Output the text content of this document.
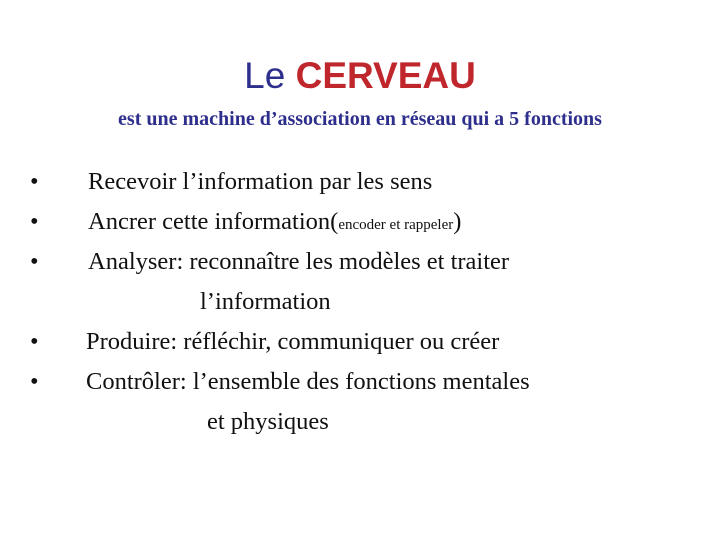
Le CERVEAU
est une machine d’association en réseau qui a 5 fonctions
• Recevoir l’information par les sens
• Ancrer cette information(encoder et rappeler)
• Analyser: reconnaître les modèles et traiter
l’information
• Produire: réfléchir, communiquer ou créer
• Contrôler: l’ensemble des fonctions mentales
et physiques
